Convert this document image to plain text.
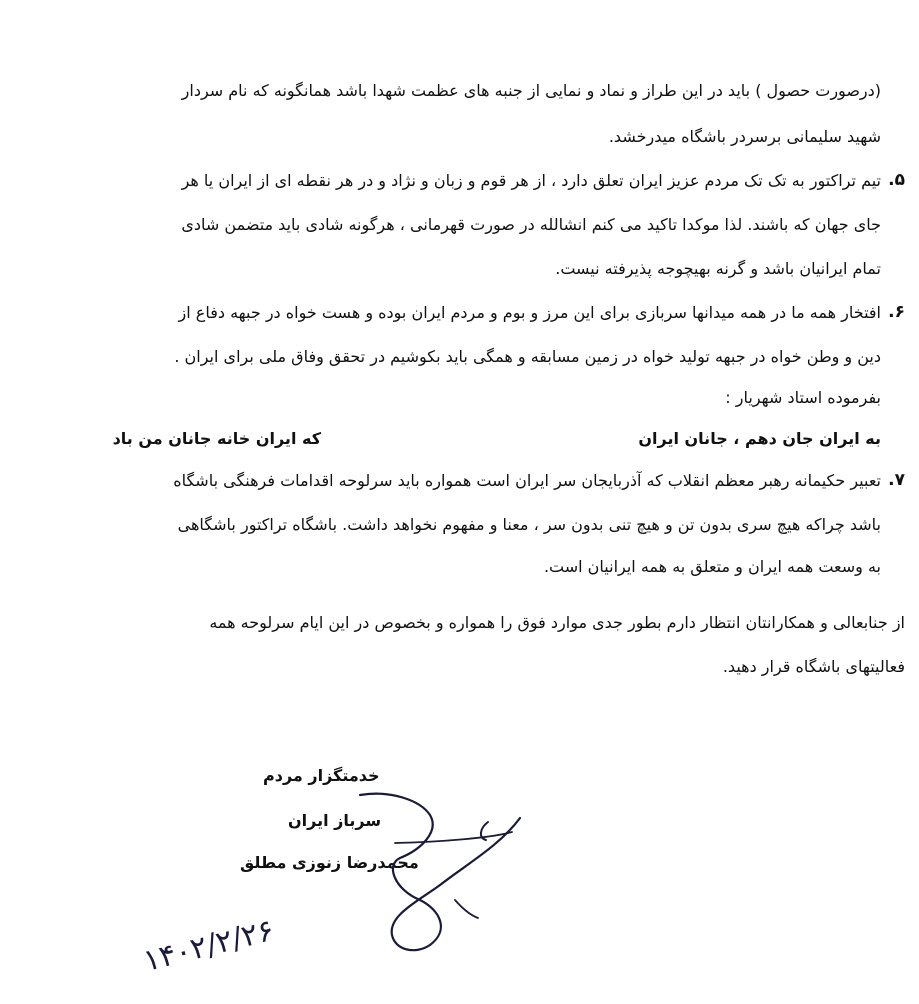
(درصورت حصول ) باید در این طراز و نماد و نمایی از جنبه های عظمت شهدا باشد همانگونه که نام سردار
شهید سلیمانی برسردر باشگاه میدرخشد.
۵.
تیم تراکتور به تک تک مردم عزیز ایران تعلق دارد ، از هر قوم و زبان و نژاد و در هر نقطه ای از ایران یا هر
جای جهان که باشند. لذا موکدا تاکید می کنم انشالله در صورت قهرمانی ، هرگونه شادی باید متضمن شادی
تمام ایرانیان باشد و گرنه بهیچوجه پذیرفته نیست.
۶.
افتخار همه ما در همه میدانها سربازی برای این مرز و بوم و مردم ایران بوده و هست خواه در جبهه دفاع از
دین و وطن خواه در جبهه تولید خواه در زمین مسابقه و همگی باید بکوشیم در تحقق وفاق ملی برای ایران .
بفرموده استاد شهریار :
به ایران جان دهم ، جانان ایران
که ایران خانه جانان من باد
۷.
تعبیر حکیمانه رهبر معظم انقلاب که آذربایجان سر ایران است همواره باید سرلوحه اقدامات فرهنگی باشگاه
باشد چراکه هیچ سری بدون تن و هیچ تنی بدون سر ، معنا و مفهوم نخواهد داشت. باشگاه تراکتور باشگاهی
به وسعت همه ایران و متعلق به همه ایرانیان است.
از جنابعالی و همکارانتان انتظار دارم بطور جدی موارد فوق را همواره و بخصوص در این ایام سرلوحه همه
فعالیتهای باشگاه قرار دهید.
خدمتگزار مردم
سرباز ایران
محمدرضا زنوزی مطلق
۱۴۰۲/۲/۲۶
